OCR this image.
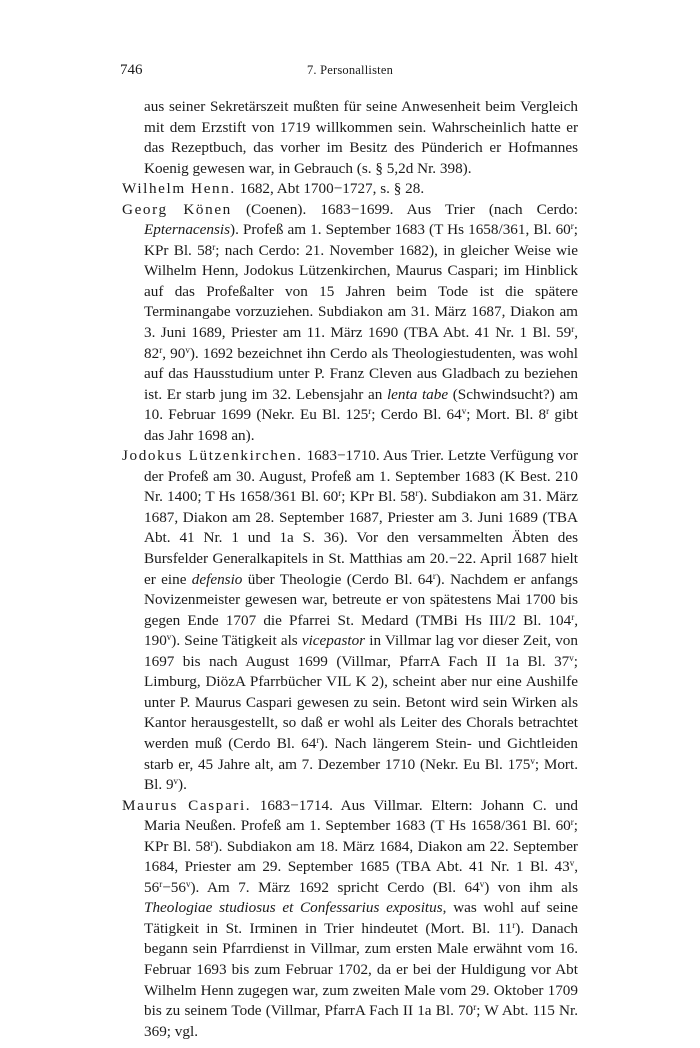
746	7. Personallisten

aus seiner Sekretärszeit mußten für seine Anwesenheit beim Vergleich mit dem Erzstift von 1719 willkommen sein. Wahrscheinlich hatte er das Rezeptbuch, das vorher im Besitz des Pünderich er Hofmannes Koenig gewesen war, in Gebrauch (s. § 5,2d Nr. 398).

Wilhelm Henn. 1682, Abt 1700−1727, s. § 28.

Georg Könen (Coenen). 1683−1699. Aus Trier (nach Cerdo: Epternacensis). Profeß am 1. September 1683 (T Hs 1658/361, Bl. 60$^r$; KPr Bl. 58$^r$; nach Cerdo: 21. November 1682), in gleicher Weise wie Wilhelm Henn, Jodokus Lützenkirchen, Maurus Caspari; im Hinblick auf das Profeßalter von 15 Jahren beim Tode ist die spätere Terminangabe vorzuziehen. Subdiakon am 31. März 1687, Diakon am 3. Juni 1689, Priester am 11. März 1690 (TBA Abt. 41 Nr. 1 Bl. 59$^r$, 82$^r$, 90$^v$). 1692 bezeichnet ihn Cerdo als Theologiestudenten, was wohl auf das Hausstudium unter P. Franz Cleven aus Gladbach zu beziehen ist. Er starb jung im 32. Lebensjahr an lenta tabe (Schwindsucht?) am 10. Februar 1699 (Nekr. Eu Bl. 125$^r$; Cerdo Bl. 64$^v$; Mort. Bl. 8$^r$ gibt das Jahr 1698 an).

Jodokus Lützenkirchen. 1683−1710. Aus Trier. Letzte Verfügung vor der Profeß am 30. August, Profeß am 1. September 1683 (K Best. 210 Nr. 1400; T Hs 1658/361 Bl. 60$^r$; KPr Bl. 58$^r$). Subdiakon am 31. März 1687, Diakon am 28. September 1687, Priester am 3. Juni 1689 (TBA Abt. 41 Nr. 1 und 1a S. 36). Vor den versammelten Äbten des Bursfelder Generalkapitels in St. Matthias am 20.−22. April 1687 hielt er eine defensio über Theologie (Cerdo Bl. 64$^r$). Nachdem er anfangs Novizenmeister gewesen war, betreute er von spätestens Mai 1700 bis gegen Ende 1707 die Pfarrei St. Medard (TMBi Hs III/2 Bl. 104$^r$, 190$^v$). Seine Tätigkeit als vicepastor in Villmar lag vor dieser Zeit, von 1697 bis nach August 1699 (Villmar, PfarrA Fach II 1a Bl. 37$^v$; Limburg, DiözA Pfarrbücher VIL K 2), scheint aber nur eine Aushilfe unter P. Maurus Caspari gewesen zu sein. Betont wird sein Wirken als Kantor herausgestellt, so daß er wohl als Leiter des Chorals betrachtet werden muß (Cerdo Bl. 64$^r$). Nach längerem Stein- und Gichtleiden starb er, 45 Jahre alt, am 7. Dezember 1710 (Nekr. Eu Bl. 175$^v$; Mort. Bl. 9$^v$).

Maurus Caspari. 1683−1714. Aus Villmar. Eltern: Johann C. und Maria Neußen. Profeß am 1. September 1683 (T Hs 1658/361 Bl. 60$^r$; KPr Bl. 58$^r$). Subdiakon am 18. März 1684, Diakon am 22. September 1684, Priester am 29. September 1685 (TBA Abt. 41 Nr. 1 Bl. 43$^v$, $56^r-56^v$). Am 7. März 1692 spricht Cerdo (Bl. 64$^v$) von ihm als Theologiae studiosus et Confessarius expositus, was wohl auf seine Tätigkeit in St. Irminen in Trier hindeutet (Mort. Bl. 11$^r$). Danach begann sein Pfarrdienst in Villmar, zum ersten Male erwähnt vom 16. Februar 1693 bis zum Februar 1702, da er bei der Huldigung vor Abt Wilhelm Henn zugegen war, zum zweiten Male vom 29. Oktober 1709 bis zu seinem Tode (Villmar, PfarrA Fach II 1a Bl. 70$^r$; W Abt. 115 Nr. 369; vgl.
